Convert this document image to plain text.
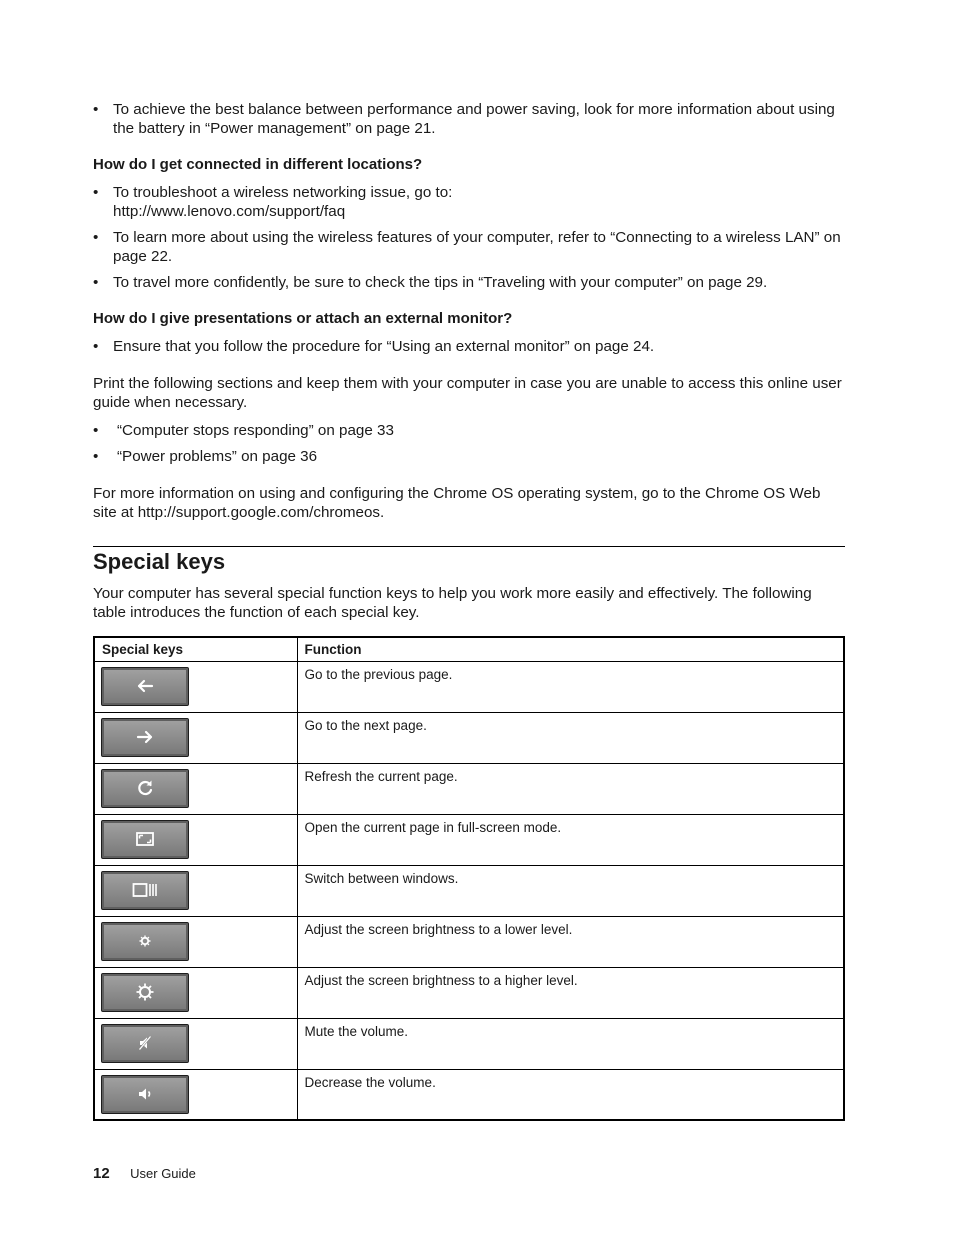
• To achieve the best balance between performance and power saving, look for more information about using the battery in “Power management” on page 21.
How do I get connected in different locations?
• To troubleshoot a wireless networking issue, go to:
http://www.lenovo.com/support/faq
• To learn more about using the wireless features of your computer, refer to “Connecting to a wireless LAN” on page 22.
• To travel more confidently, be sure to check the tips in “Traveling with your computer” on page 29.
How do I give presentations or attach an external monitor?
• Ensure that you follow the procedure for “Using an external monitor” on page 24.

Print the following sections and keep them with your computer in case you are unable to access this online user guide when necessary.

• “Computer stops responding” on page 33
• “Power problems” on page 36

For more information on using and configuring the Chrome OS operating system, go to the Chrome OS Web site at http://support.google.com/chromeos.

Special keys
Your computer has several special function keys to help you work more easily and effectively. The following table introduces the function of each special key.
Special keys	Function

	Go to the previous page.

	Go to the next page.

	Refresh the current page.

	Open the current page in full-screen mode.

	Switch between windows.

	Adjust the screen brightness to a lower level.

	Adjust the screen brightness to a higher level.

	Mute the volume.

	Decrease the volume.
12 User Guide
